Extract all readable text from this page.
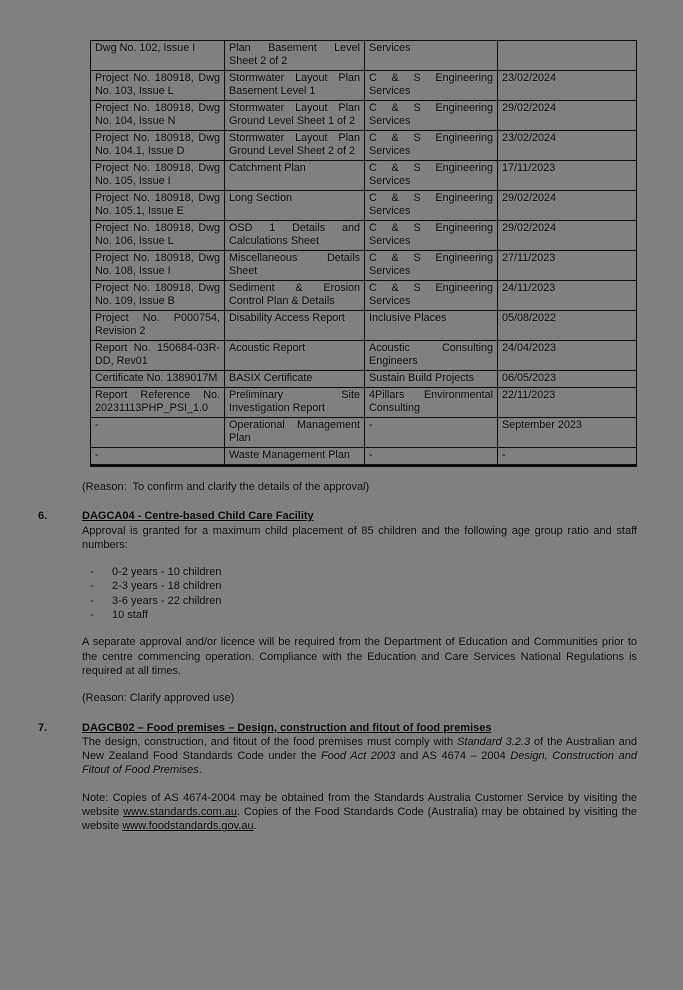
Dwg No. 102, Issue I	Plan Basement Level Sheet 2 of 2	Services	
Project No. 180918, Dwg No. 103, Issue L	Stormwater Layout Plan Basement Level 1	C & S Engineering Services	23/02/2024
Project No. 180918, Dwg No. 104, Issue N	Stormwater Layout Plan Ground Level Sheet 1 of 2	C & S Engineering Services	29/02/2024
Project No. 180918, Dwg No. 104.1, Issue D	Stormwater Layout Plan Ground Level Sheet 2 of 2	C & S Engineering Services	23/02/2024
Project No. 180918, Dwg No. 105, Issue I	Catchment Plan	C & S Engineering Services	17/11/2023
Project No. 180918, Dwg No. 105.1, Issue E	Long Section	C & S Engineering Services	29/02/2024
Project No. 180918, Dwg No. 106, Issue L	OSD 1 Details and Calculations Sheet	C & S Engineering Services	29/02/2024
Project No. 180918, Dwg No. 108, Issue I	Miscellaneous Details Sheet	C & S Engineering Services	27/11/2023
Project No. 180918, Dwg No. 109, Issue B	Sediment & Erosion Control Plan & Details	C & S Engineering Services	24/11/2023
Project No. P000754, Revision 2	Disability Access Report	Inclusive Places	05/08/2022
Report No. 150684-03R-DD, Rev01	Acoustic Report	Acoustic Consulting Engineers	24/04/2023
Certificate No. 1389017M	BASIX Certificate	Sustain Build Projects	06/05/2023
Report Reference No. 20231113PHP_PSI_1.0	Preliminary Site Investigation Report	4Pillars Environmental Consulting	22/11/2023
-	Operational Management Plan	-	September 2023
-	Waste Management Plan	-	-
(Reason:  To confirm and clarify the details of the approval)
6.	DAGCA04 - Centre-based Child Care Facility

Approval is granted for a maximum child placement of 85 children and the following age group ratio and staff numbers:

-	0-2 years - 10 children
-	2-3 years - 18 children
-	3-6 years - 22 children
-	10 staff

A separate approval and/or licence will be required from the Department of Education and Communities prior to the centre commencing operation. Compliance with the Education and Care Services National Regulations is required at all times.

(Reason: Clarify approved use)

7.	DAGCB02 – Food premises – Design, construction and fitout of food premises

The design, construction, and fitout of the food premises must comply with Standard 3.2.3 of the Australian and New Zealand Food Standards Code under the Food Act 2003 and AS 4674 – 2004 Design, Construction and Fitout of Food Premises.

Note: Copies of AS 4674-2004 may be obtained from the Standards Australia Customer Service by visiting the website www.standards.com.au. Copies of the Food Standards Code (Australia) may be obtained by visiting the website www.foodstandards.gov.au.
